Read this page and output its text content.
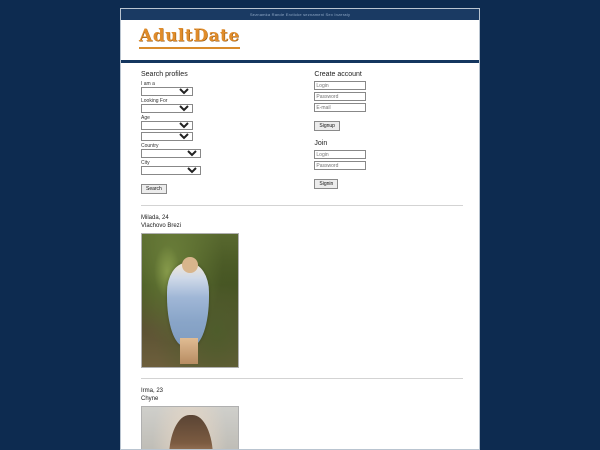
Seznamka Rande Eroticke seznameni Sex Inzeraty
AdultDate
Search profiles
I am a
Looking For
Age
Country
City
Search
Create account
Login
E-mail Signup
Join
Login
Signin
Milada, 24
Vlachovo Brezi
Irma, 23
Chyne
